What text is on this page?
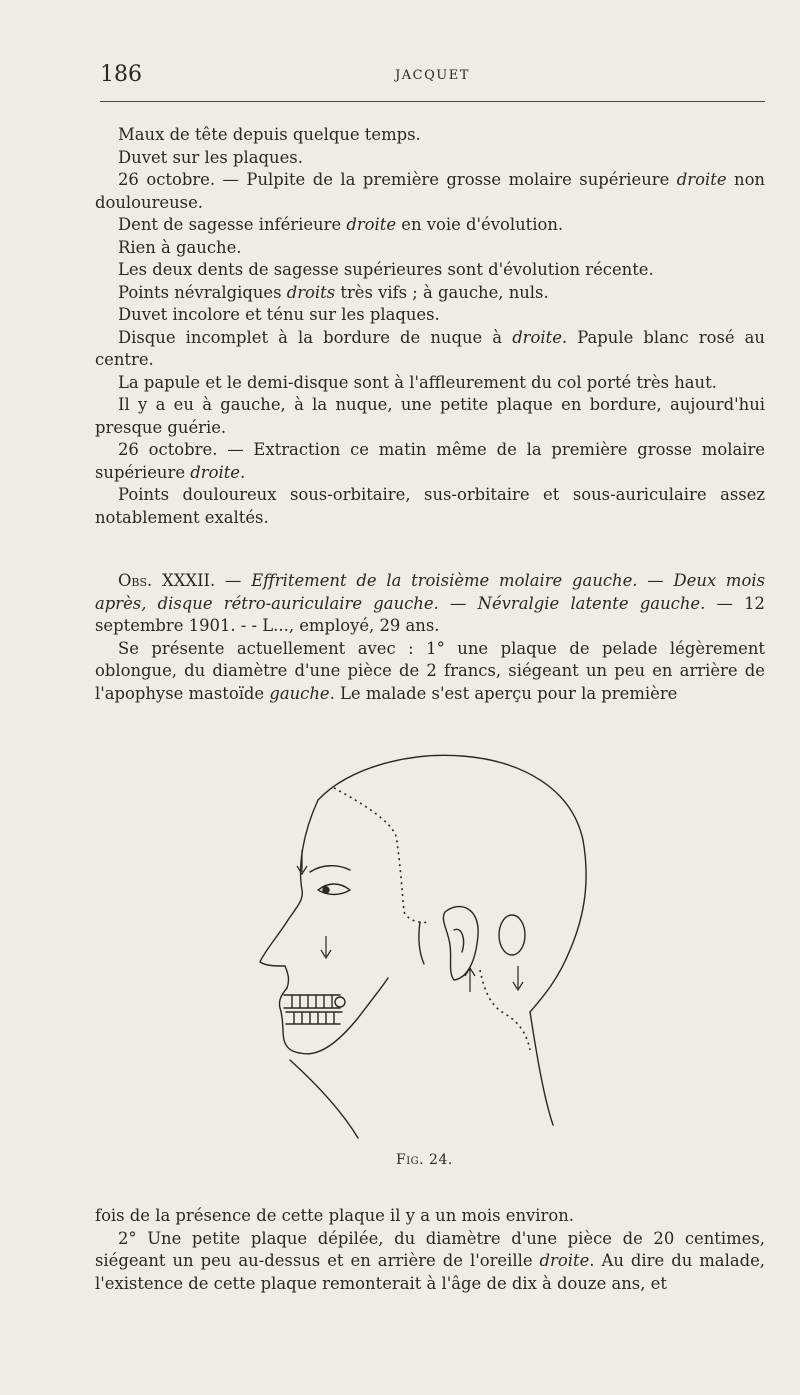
186	JACQUET

Maux de tête depuis quelque temps.

Duvet sur les plaques.

26 octobre. — Pulpite de la première grosse molaire supérieure droite non douloureuse.

Dent de sagesse inférieure droite en voie d'évolution.

Rien à gauche.

Les deux dents de sagesse supérieures sont d'évolution récente.

Points névralgiques droits très vifs ; à gauche, nuls.

Duvet incolore et ténu sur les plaques.

Disque incomplet à la bordure de nuque à droite. Papule blanc rosé au centre.

La papule et le demi-disque sont à l'affleurement du col porté très haut.

Il y a eu à gauche, à la nuque, une petite plaque en bordure, aujourd'hui presque guérie.

26 octobre. — Extraction ce matin même de la première grosse molaire supérieure droite.

Points douloureux sous-orbitaire, sus-orbitaire et sous-auriculaire assez notablement exaltés.

Obs. XXXII. — Effritement de la troisième molaire gauche. — Deux mois après, disque rétro-auriculaire gauche. — Névralgie latente gauche. — 12 septembre 1901. - - L..., employé, 29 ans.

Se présente actuellement avec : 1° une plaque de pelade légèrement oblongue, du diamètre d'une pièce de 2 francs, siégeant un peu en arrière de l'apophyse mastoïde gauche. Le malade s'est aperçu pour la première

Fig. 24.

fois de la présence de cette plaque il y a un mois environ.

2° Une petite plaque dépilée, du diamètre d'une pièce de 20 centimes, siégeant un peu au-dessus et en arrière de l'oreille droite. Au dire du malade, l'existence de cette plaque remonterait à l'âge de dix à douze ans, et
